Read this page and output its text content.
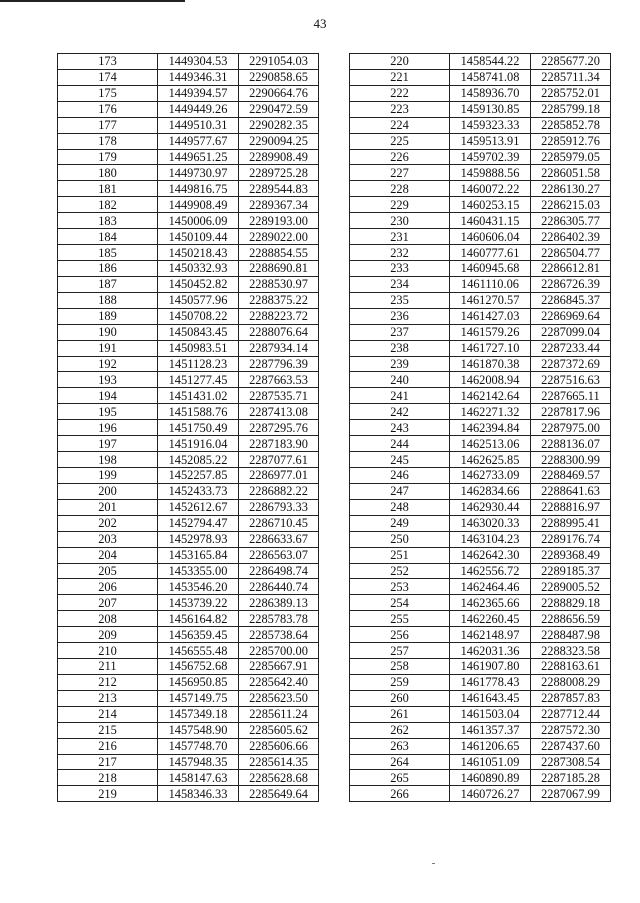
43
173	1449304.53	2291054.03
174	1449346.31	2290858.65
175	1449394.57	2290664.76
176	1449449.26	2290472.59
177	1449510.31	2290282.35
178	1449577.67	2290094.25
179	1449651.25	2289908.49
180	1449730.97	2289725.28
181	1449816.75	2289544.83
182	1449908.49	2289367.34
183	1450006.09	2289193.00
184	1450109.44	2289022.00
185	1450218.43	2288854.55
186	1450332.93	2288690.81
187	1450452.82	2288530.97
188	1450577.96	2288375.22
189	1450708.22	2288223.72
190	1450843.45	2288076.64
191	1450983.51	2287934.14
192	1451128.23	2287796.39
193	1451277.45	2287663.53
194	1451431.02	2287535.71
195	1451588.76	2287413.08
196	1451750.49	2287295.76
197	1451916.04	2287183.90
198	1452085.22	2287077.61
199	1452257.85	2286977.01
200	1452433.73	2286882.22
201	1452612.67	2286793.33
202	1452794.47	2286710.45
203	1452978.93	2286633.67
204	1453165.84	2286563.07
205	1453355.00	2286498.74
206	1453546.20	2286440.74
207	1453739.22	2286389.13
208	1456164.82	2285783.78
209	1456359.45	2285738.64
210	1456555.48	2285700.00
211	1456752.68	2285667.91
212	1456950.85	2285642.40
213	1457149.75	2285623.50
214	1457349.18	2285611.24
215	1457548.90	2285605.62
216	1457748.70	2285606.66
217	1457948.35	2285614.35
218	1458147.63	2285628.68
219	1458346.33	2285649.64
220	1458544.22	2285677.20
221	1458741.08	2285711.34
222	1458936.70	2285752.01
223	1459130.85	2285799.18
224	1459323.33	2285852.78
225	1459513.91	2285912.76
226	1459702.39	2285979.05
227	1459888.56	2286051.58
228	1460072.22	2286130.27
229	1460253.15	2286215.03
230	1460431.15	2286305.77
231	1460606.04	2286402.39
232	1460777.61	2286504.77
233	1460945.68	2286612.81
234	1461110.06	2286726.39
235	1461270.57	2286845.37
236	1461427.03	2286969.64
237	1461579.26	2287099.04
238	1461727.10	2287233.44
239	1461870.38	2287372.69
240	1462008.94	2287516.63
241	1462142.64	2287665.11
242	1462271.32	2287817.96
243	1462394.84	2287975.00
244	1462513.06	2288136.07
245	1462625.85	2288300.99
246	1462733.09	2288469.57
247	1462834.66	2288641.63
248	1462930.44	2288816.97
249	1463020.33	2288995.41
250	1463104.23	2289176.74
251	1462642.30	2289368.49
252	1462556.72	2289185.37
253	1462464.46	2289005.52
254	1462365.66	2288829.18
255	1462260.45	2288656.59
256	1462148.97	2288487.98
257	1462031.36	2288323.58
258	1461907.80	2288163.61
259	1461778.43	2288008.29
260	1461643.45	2287857.83
261	1461503.04	2287712.44
262	1461357.37	2287572.30
263	1461206.65	2287437.60
264	1461051.09	2287308.54
265	1460890.89	2287185.28
266	1460726.27	2287067.99
